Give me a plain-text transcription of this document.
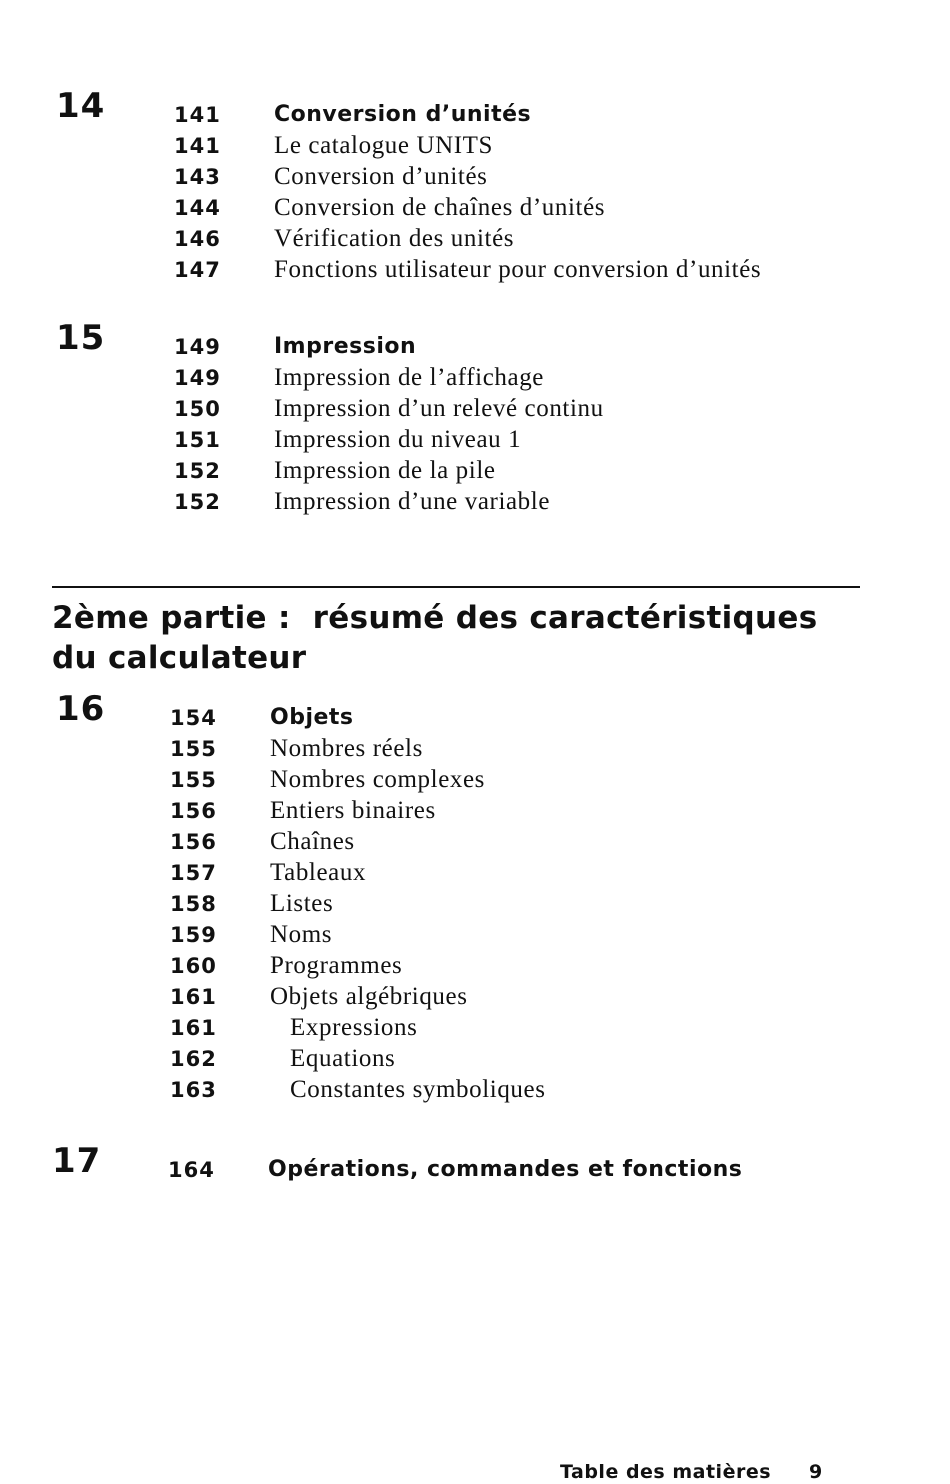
14	141 Conversion d’unités
141 Le catalogue UNITS
143 Conversion d’unités
144 Conversion de chaînes d’unités
146 Vérification des unités
147 Fonctions utilisateur pour conversion d’unités
15	149 Impression
149 Impression de l’affichage
150 Impression d’un relevé continu
151 Impression du niveau 1
152 Impression de la pile
152 Impression d’une variable
2ème partie : résumé des caractéristiques du calculateur
16	154 Objets
155 Nombres réels
155 Nombres complexes
156 Entiers binaires
156 Chaînes
157 Tableaux
158 Listes
159 Noms
160 Programmes
161 Objets algébriques
161	Expressions
162	Equations
163	Constantes symboliques
17	164 Opérations, commandes et fonctions
Table des matières 9
